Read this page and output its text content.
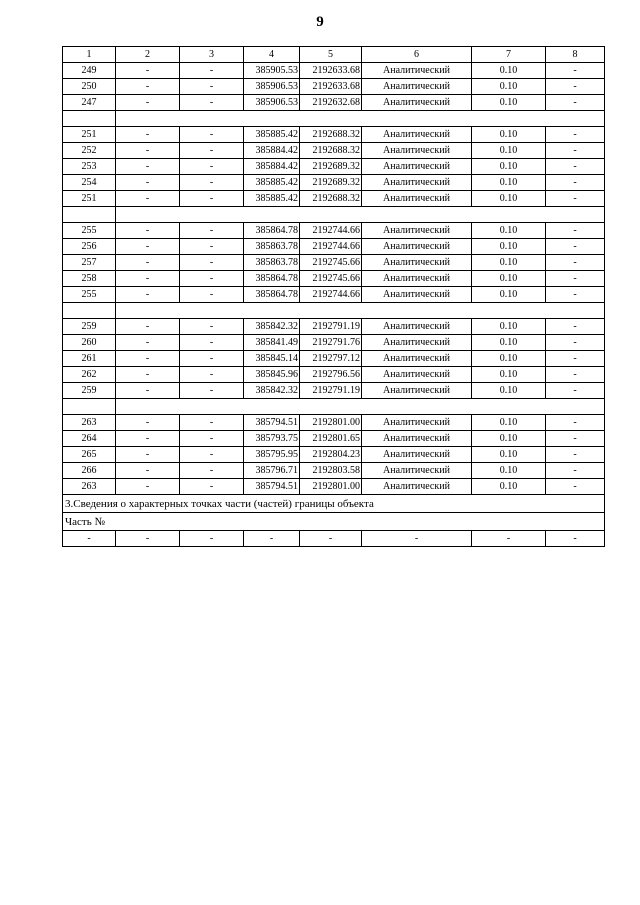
9
1	2	3	4	5	6	7	8
249	-	-	385905.53	2192633.68	Аналитический	0.10	-
250	-	-	385906.53	2192633.68	Аналитический	0.10	-
247	-	-	385906.53	2192632.68	Аналитический	0.10	-

251	-	-	385885.42	2192688.32	Аналитический	0.10	-
252	-	-	385884.42	2192688.32	Аналитический	0.10	-
253	-	-	385884.42	2192689.32	Аналитический	0.10	-
254	-	-	385885.42	2192689.32	Аналитический	0.10	-
251	-	-	385885.42	2192688.32	Аналитический	0.10	-

255	-	-	385864.78	2192744.66	Аналитический	0.10	-
256	-	-	385863.78	2192744.66	Аналитический	0.10	-
257	-	-	385863.78	2192745.66	Аналитический	0.10	-
258	-	-	385864.78	2192745.66	Аналитический	0.10	-
255	-	-	385864.78	2192744.66	Аналитический	0.10	-

259	-	-	385842.32	2192791.19	Аналитический	0.10	-
260	-	-	385841.49	2192791.76	Аналитический	0.10	-
261	-	-	385845.14	2192797.12	Аналитический	0.10	-
262	-	-	385845.96	2192796.56	Аналитический	0.10	-
259	-	-	385842.32	2192791.19	Аналитический	0.10	-

263	-	-	385794.51	2192801.00	Аналитический	0.10	-
264	-	-	385793.75	2192801.65	Аналитический	0.10	-
265	-	-	385795.95	2192804.23	Аналитический	0.10	-
266	-	-	385796.71	2192803.58	Аналитический	0.10	-
263	-	-	385794.51	2192801.00	Аналитический	0.10	-
3.Сведения о характерных точках части (частей) границы объекта							
Часть №							
-	-	-	-	-	-	-	-
